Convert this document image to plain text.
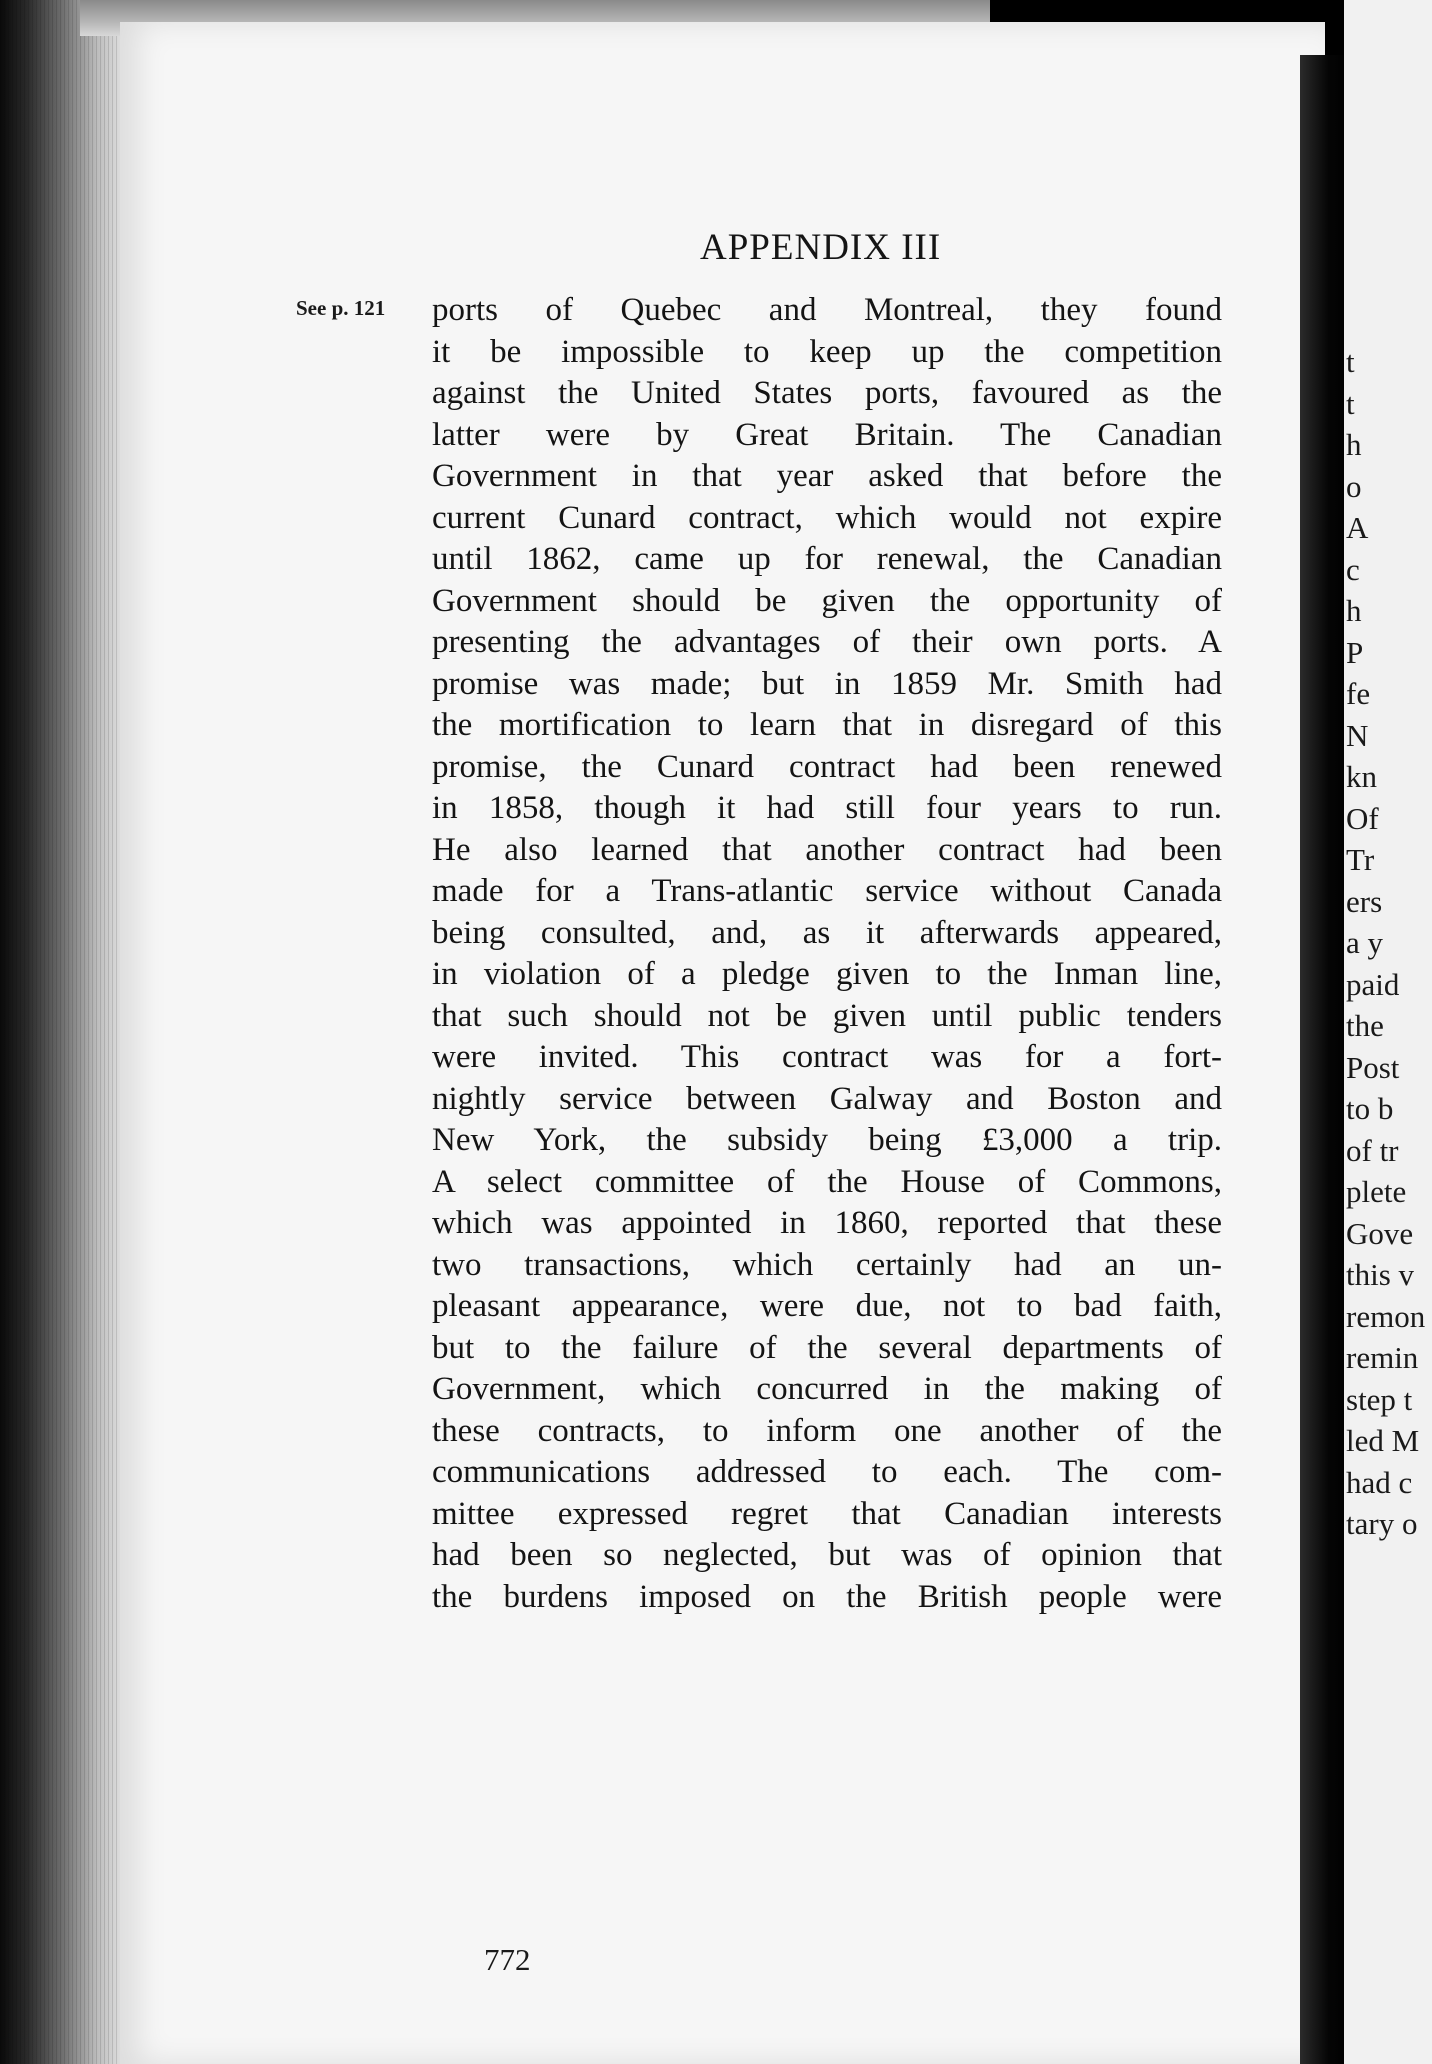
APPENDIX III
See p. 121 ports of Quebec and Montreal, they found
it be impossible to keep up the competition
against the United States ports, favoured as the
latter were by Great Britain. The Canadian
Government in that year asked that before the
current Cunard contract, which would not expire
until 1862, came up for renewal, the Canadian
Government should be given the opportunity of
presenting the advantages of their own ports. A
promise was made; but in 1859 Mr. Smith had
the mortification to learn that in disregard of this
promise, the Cunard contract had been renewed
in 1858, though it had still four years to run.
He also learned that another contract had been
made for a Trans-atlantic service without Canada
being consulted, and, as it afterwards appeared,
in violation of a pledge given to the Inman line,
that such should not be given until public tenders
were invited. This contract was for a fort-
nightly service between Galway and Boston and
New York, the subsidy being £3,000 a trip.
A select committee of the House of Commons,
which was appointed in 1860, reported that these
two transactions, which certainly had an un-
pleasant appearance, were due, not to bad faith,
but to the failure of the several departments of
Government, which concurred in the making of
these contracts, to inform one another of the
communications addressed to each. The com-
mittee expressed regret that Canadian interests
had been so neglected, but was of opinion that
the burdens imposed on the British people were
772
t
t
h
o
A
c
h
P
fe
N
kn
Of
Tr
ers
a y
paid
the
Post
to b
of tr
plete
Gove
this v
remon
remin
step t
led M
had c
tary o
